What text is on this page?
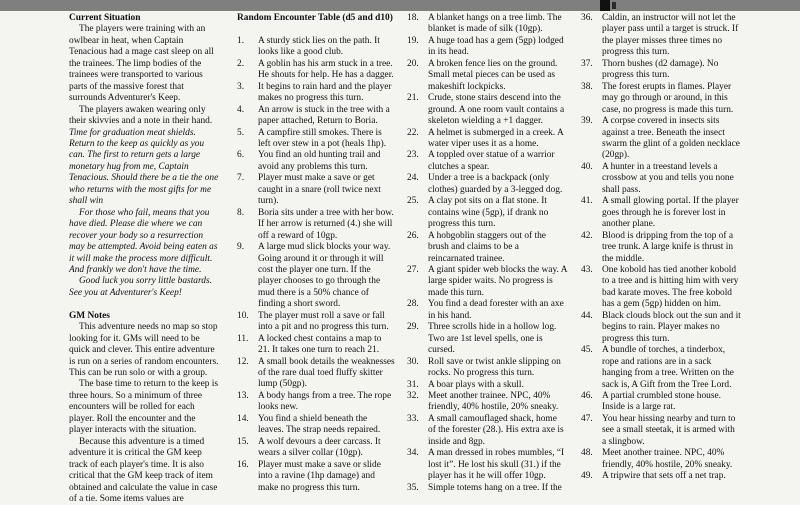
Current Situation

The players were training with an owlbear in heat, when Captain Tenacious had a mage cast sleep on all the trainees. The limp bodies of the trainees were transported to various parts of the massive forest that surrounds Adventurer's Keep.

The players awaken wearing only their skivvies and a note in their hand. Time for graduation meat shields. Return to the keep as quickly as you can. The first to return gets a large monetary hug from me, Captain Tenacious. Should there be a tie the one who returns with the most gifts for me shall win

For those who fail, means that you have died. Please die where we can recover your body so a resurrection may be attempted. Avoid being eaten as it will make the process more difficult. And frankly we don't have the time.

Good luck you sorry little bastards. See you at Adventurer's Keep!

GM Notes

This adventure needs no map so stop looking for it. GMs will need to be quick and clever. This entire adventure is run on a series of random encounters. This can be run solo or with a group.

The base time to return to the keep is three hours. So a minimum of three encounters will be rolled for each player. Roll the encounter and the player interacts with the situation.

Because this adventure is a timed adventure it is critical the GM keep track of each player's time. It is also critical that the GM keep track of item obtained and calculate the value in case of a tie. Some items values are

Random Encounter Table (d5 and d10)
1. A sturdy stick lies on the path. It looks like a good club.
2. A goblin has his arm stuck in a tree. He shouts for help. He has a dagger.
3. It begins to rain hard and the player makes no progress this turn.
4. An arrow is stuck in the tree with a paper attached, Return to Boria.
5. A campfire still smokes. There is left over stew in a pot (heals 1hp).
6. You find an old hunting trail and avoid any problems this turn.
7. Player must make a save or get caught in a snare (roll twice next turn).
8. Boria sits under a tree with her bow. If her arrow is returned (4.) she will off a reward of 10gp.
9. A large mud slick blocks your way. Going around it or through it will cost the player one turn. If the player chooses to go through the mud there is a 50% chance of finding a short sword.
10. The player must roll a save or fall into a pit and no progress this turn.
11. A locked chest contains a map to 21. It takes one turn to reach 21.
12. A small book details the weaknesses of the rare dual toed fluffy skitter lump (50gp).
13. A body hangs from a tree. The rope looks new.
14. You find a shield beneath the leaves. The strap needs repaired.
15. A wolf devours a deer carcass. It wears a silver collar (10gp).
16. Player must make a save or slide into a ravine (1hp damage) and make no progress this turn.
18. A blanket hangs on a tree limb. The blanket is made of silk (10gp).
19. A huge toad has a gem (5gp) lodged in its head.
20. A broken fence lies on the ground. Small metal pieces can be used as makeshift lockpicks.
21. Crude, stone stairs descend into the ground. A one room vault contains a skeleton wielding a +1 dagger.
22. A helmet is submerged in a creek. A water viper uses it as a home.
23. A toppled over statue of a warrior clutches a spear.
24. Under a tree is a backpack (only clothes) guarded by a 3-legged dog.
25. A clay pot sits on a flat stone. It contains wine (5gp), if drank no progress this turn.
26. A hobgoblin staggers out of the brush and claims to be a reincarnated trainee.
27. A giant spider web blocks the way. A large spider waits. No progress is made this turn.
28. You find a dead forester with an axe in his hand.
29. Three scrolls hide in a hollow log. Two are 1st level spells, one is cursed.
30. Roll save or twist ankle slipping on rocks. No progress this turn.
31. A boar plays with a skull.
32. Meet another trainee. NPC, 40% friendly, 40% hostile, 20% sneaky.
33. A small camouflaged shack, home of the forester (28.). His extra axe is inside and 8gp.
34. A man dressed in robes mumbles, “I lost it”. He lost his skull (31.) if the player has it he will offer 10gp.
35. Simple totems hang on a tree. If the
36. Caldin, an instructor will not let the player pass until a target is struck. If the player misses three times no progress this turn.
37. Thorn bushes (d2 damage). No progress this turn.
38. The forest erupts in flames. Player may go through or around, in this case, no progress is made this turn.
39. A corpse covered in insects sits against a tree. Beneath the insect swarm the glint of a golden necklace (20gp).
40. A hunter in a treestand levels a crossbow at you and tells you none shall pass.
41. A small glowing portal. If the player goes through he is forever lost in another plane.
42. Blood is dripping from the top of a tree trunk. A large knife is thrust in the middle.
43. One kobold has tied another kobold to a tree and is hitting him with very bad karate moves. The free kobold has a gem (5gp) hidden on him.
44. Black clouds block out the sun and it begins to rain. Player makes no progress this turn.
45. A bundle of torches, a tinderbox, rope and rations are in a sack hanging from a tree. Written on the sack is, A Gift from the Tree Lord.
46. A partial crumbled stone house. Inside is a large rat.
47. You hear hissing nearby and turn to see a small steetak, it is armed with a slingbow.
48. Meet another trainee. NPC, 40% friendly, 40% hostile, 20% sneaky.
49. A tripwire that sets off a net trap.
